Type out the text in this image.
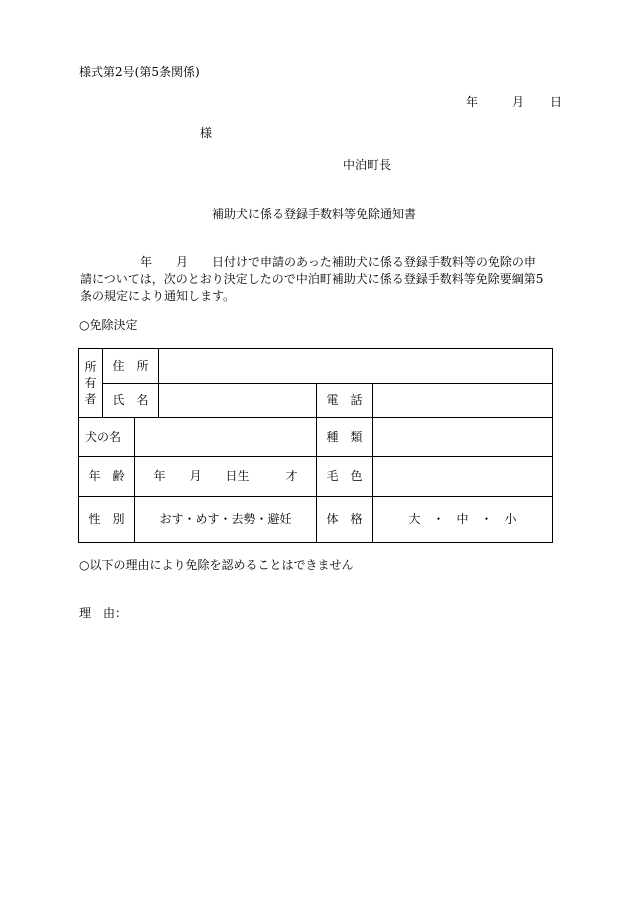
様式第2号(第5条関係)
年	月 日
様
中泊町長
補助犬に係る登録手数料等免除通知書
　　　　　年　　月　　日付けで申請のあった補助犬に係る登録手数料等の免除の申
請については，次のとおり決定したので中泊町補助犬に係る登録手数料等免除要綱第5
条の規定により通知します。
○免除決定
所
有
者	住　所				
	氏　名			電　話	
犬の名				種　類	
年　齢		年　　月　　日生　　　才		毛　色	
性　別		おす・めす・去勢・避妊		体　格	大　・　中　・　小
○以下の理由により免除を認めることはできません
理　由：
